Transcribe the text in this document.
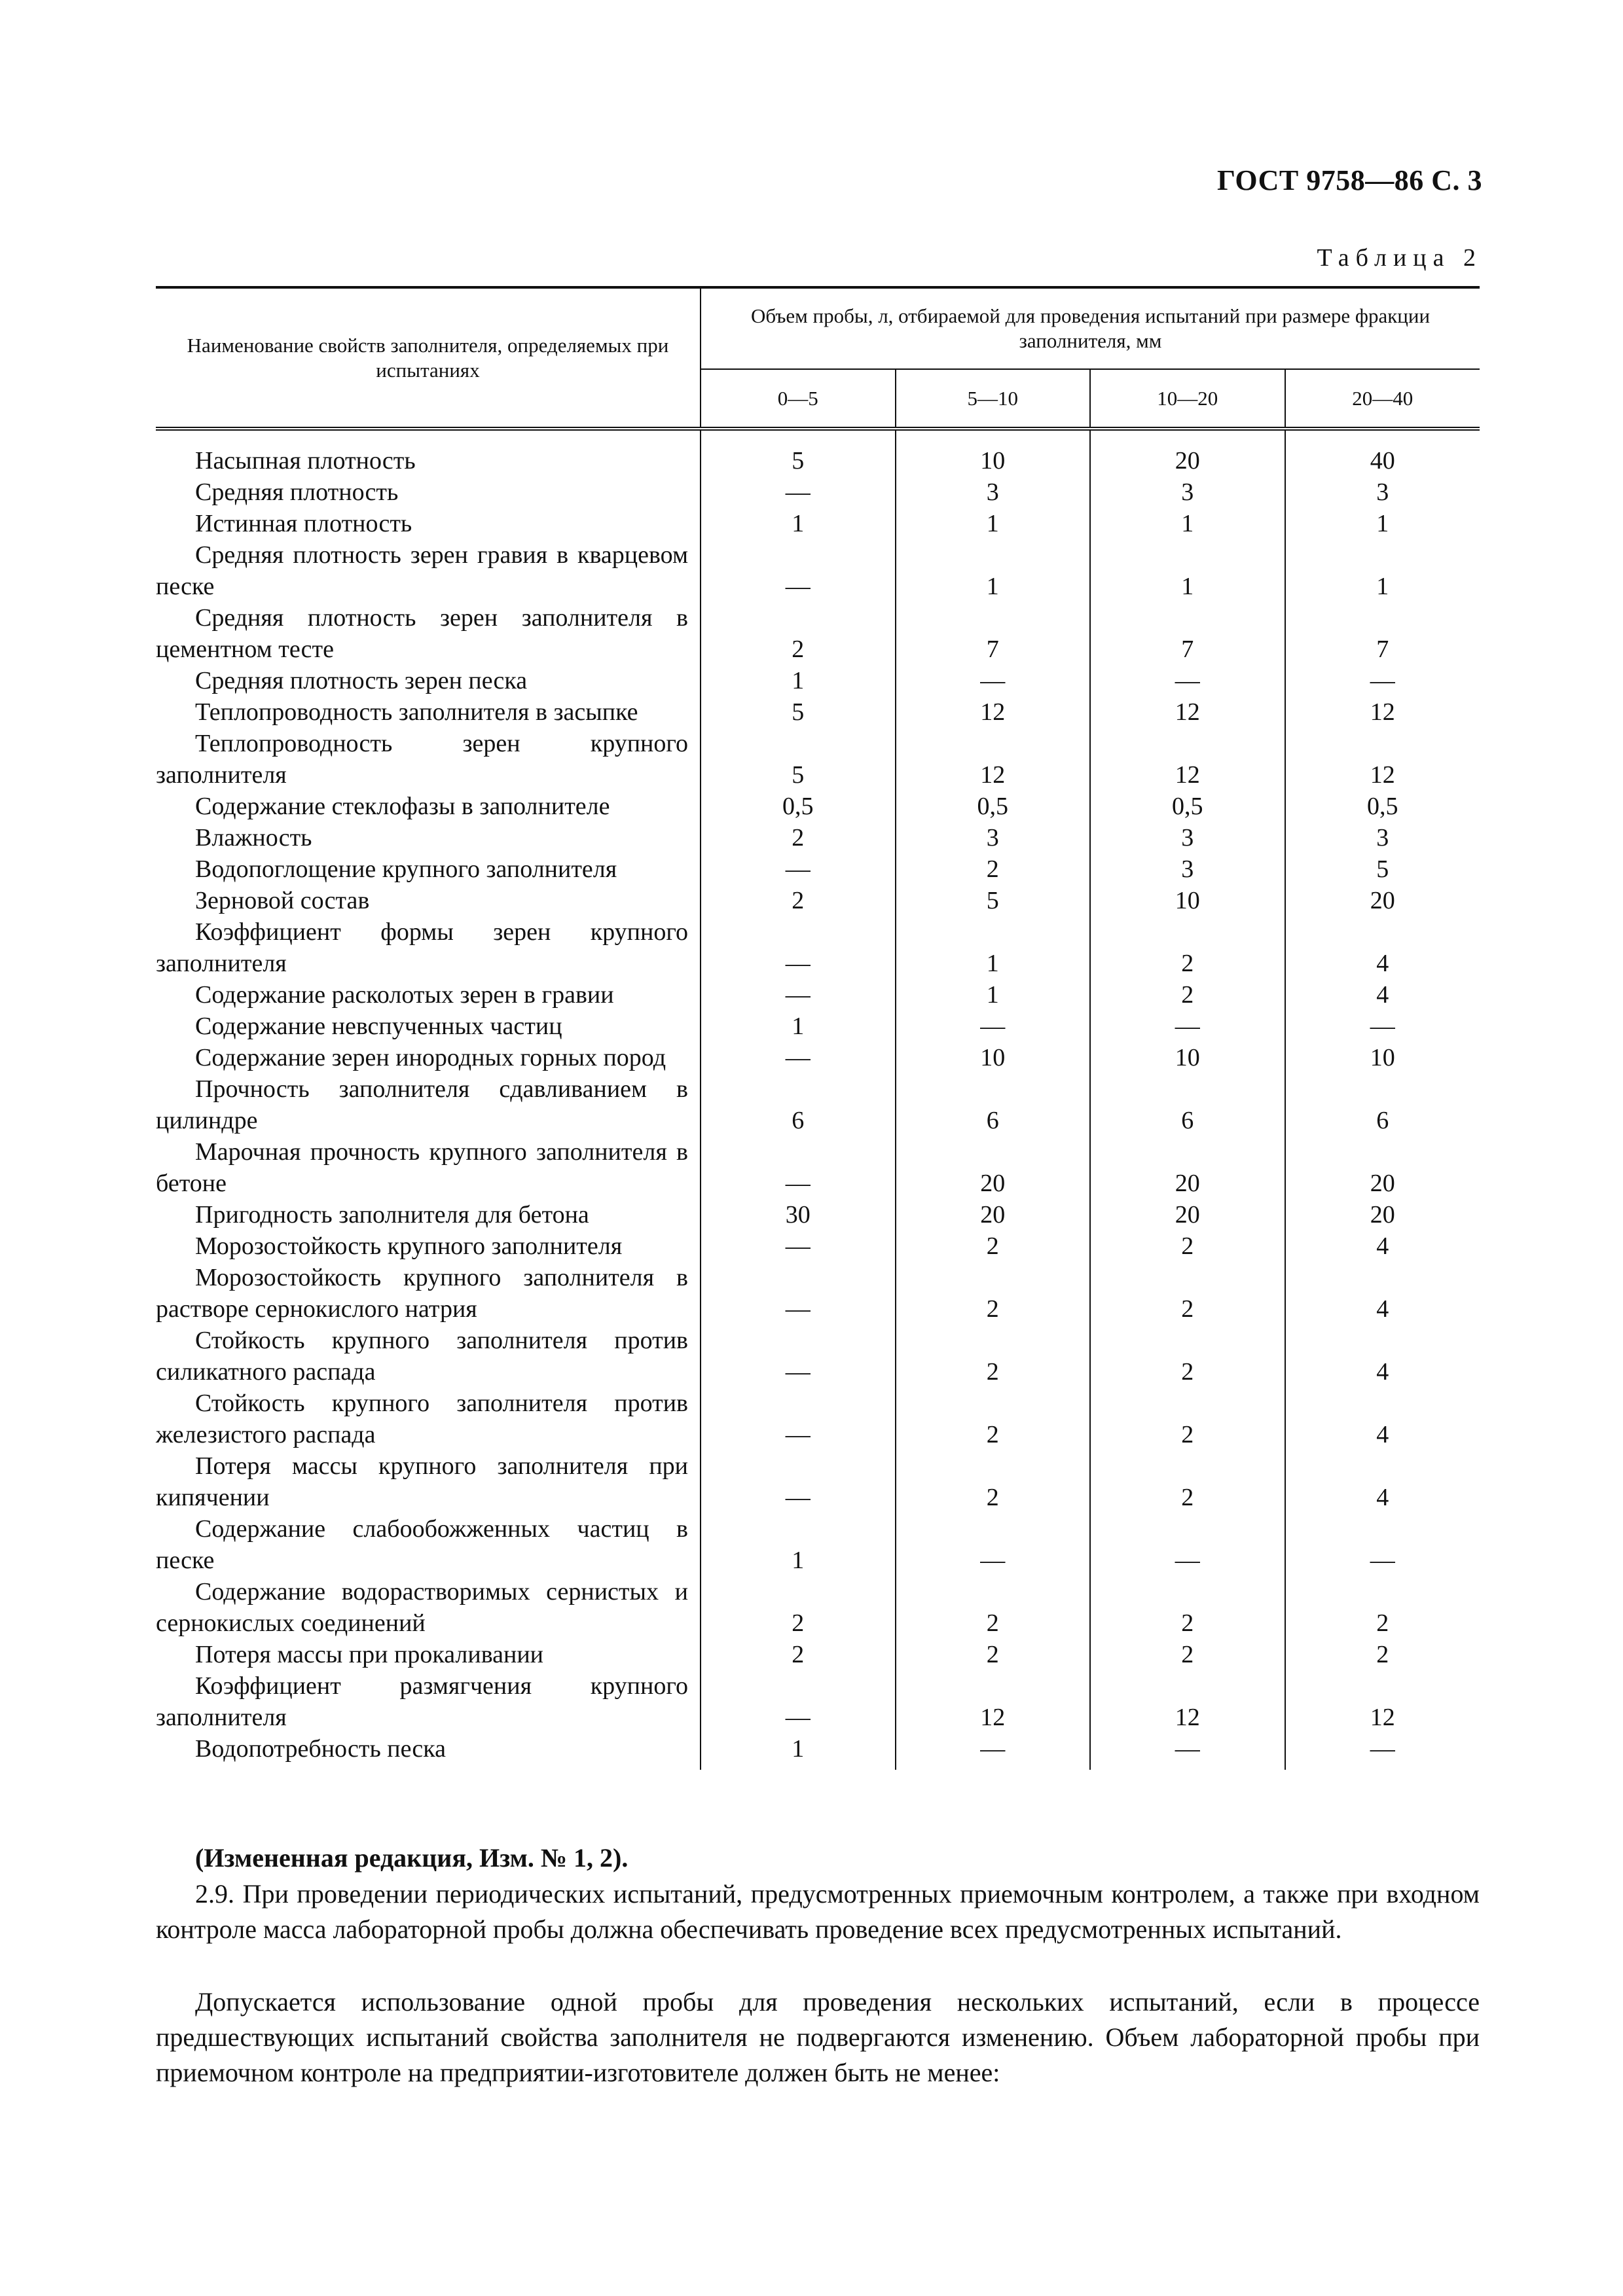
ГОСТ 9758—86 С. 3
Таблица 2
Наименование свойств заполнителя, определяемых при испытаниях	Объем пробы, л, отбираемой для проведения испытаний при размере фракции заполнителя, мм			
	0—5	5—10	10—20	20—40

Насыпная плотность	5	10	20	40
Средняя плотность	—	3	3	3
Истинная плотность	1	1	1	1
Средняя плотность зерен гравия в кварцевом песке	—	1	1	1
Средняя плотность зерен заполнителя в цементном тесте	2	7	7	7
Средняя плотность зерен песка	1	—	—	—
Теплопроводность заполнителя в засыпке	5	12	12	12
Теплопроводность зерен крупного заполнителя	5	12	12	12
Содержание стеклофазы в заполнителе	0,5	0,5	0,5	0,5
Влажность	2	3	3	3
Водопоглощение крупного заполнителя	—	2	3	5
Зерновой состав	2	5	10	20
Коэффициент формы зерен крупного заполнителя	—	1	2	4
Содержание расколотых зерен в гравии	—	1	2	4
Содержание невспученных частиц	1	—	—	—
Содержание зерен инородных горных пород	—	10	10	10
Прочность заполнителя сдавливанием в цилиндре	6	6	6	6
Марочная прочность крупного заполнителя в бетоне	—	20	20	20
Пригодность заполнителя для бетона	30	20	20	20
Морозостойкость крупного заполнителя	—	2	2	4
Морозостойкость крупного заполнителя в растворе сернокислого натрия	—	2	2	4
Стойкость крупного заполнителя против силикатного распада	—	2	2	4
Стойкость крупного заполнителя против железистого распада	—	2	2	4
Потеря массы крупного заполнителя при кипячении	—	2	2	4
Содержание слабообожженных частиц в песке	1	—	—	—
Содержание водорастворимых сернистых и сернокислых соединений	2	2	2	2
Потеря массы при прокаливании	2	2	2	2
Коэффициент размягчения крупного заполнителя	—	12	12	12
Водопотребность песка	1	—	—	—
(Измененная редакция, Изм. № 1, 2).
2.9. При проведении периодических испытаний, предусмотренных приемочным контролем, а также при входном контроле масса лабораторной пробы должна обеспечивать проведение всех предусмотренных испытаний.
Допускается использование одной пробы для проведения нескольких испытаний, если в процессе предшествующих испытаний свойства заполнителя не подвергаются изменению. Объем лабораторной пробы при приемочном контроле на предприятии-изготовителе должен быть не менее:
